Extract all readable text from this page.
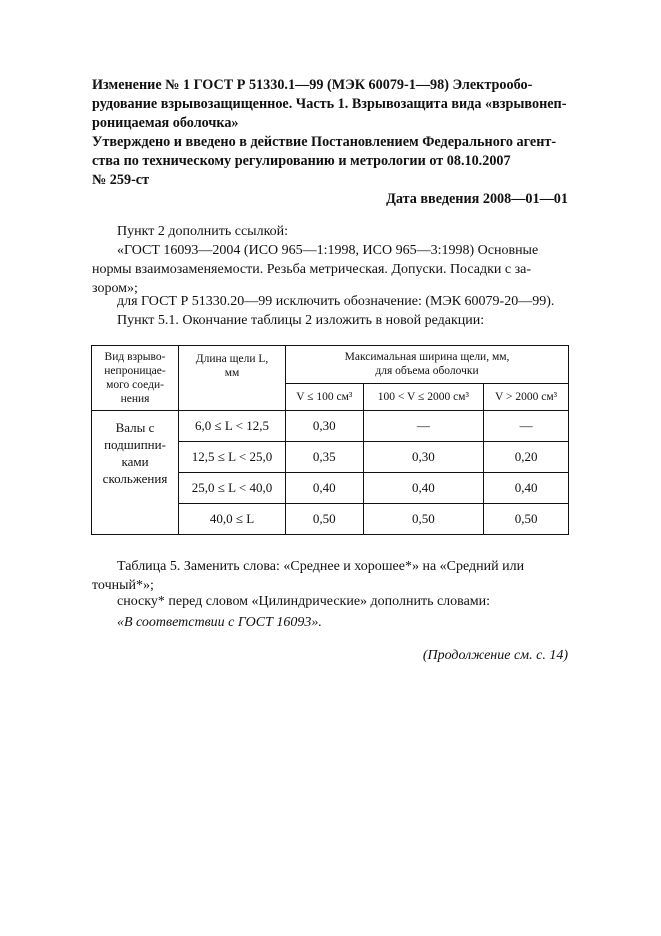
Изменение № 1 ГОСТ Р 51330.1—99 (МЭК 60079-1—98) Электрообо-
рудование взрывозащищенное. Часть 1. Взрывозащита вида «взрывонеп-
роницаемая оболочка»
Утверждено и введено в действие Постановлением Федерального агент-
ства по техническому регулированию и метрологии от 08.10.2007
№ 259-ст
Дата введения 2008—01—01
Пункт 2 дополнить ссылкой:
«ГОСТ 16093—2004 (ИСО 965—1:1998, ИСО 965—3:1998) Основные
нормы взаимозаменяемости. Резьба метрическая. Допуски. Посадки с за-
зором»;
для ГОСТ Р 51330.20—99 исключить обозначение: (МЭК 60079-20—99).
Пункт 5.1. Окончание таблицы 2 изложить в новой редакции:
Вид взрыво-
непроницае-
мого соеди-
нения	Длина щели L,
мм	Максимальная ширина щели, мм,
для объема оболочки		
		V ≤ 100 см³	100 < V ≤ 2000 см³	V > 2000 см³
Валы с
подшипни-
ками
скольжения	6,0 ≤ L < 12,5	0,30	—	—
	12,5 ≤ L < 25,0	0,35	0,30	0,20
	25,0 ≤ L < 40,0	0,40	0,40	0,40
	40,0 ≤ L	0,50	0,50	0,50
Таблица 5. Заменить слова: «Среднее и хорошее*» на «Средний или
точный*»;
сноску* перед словом «Цилиндрические» дополнить словами:
«В соответствии с ГОСТ 16093».
(Продолжение см. с. 14)
